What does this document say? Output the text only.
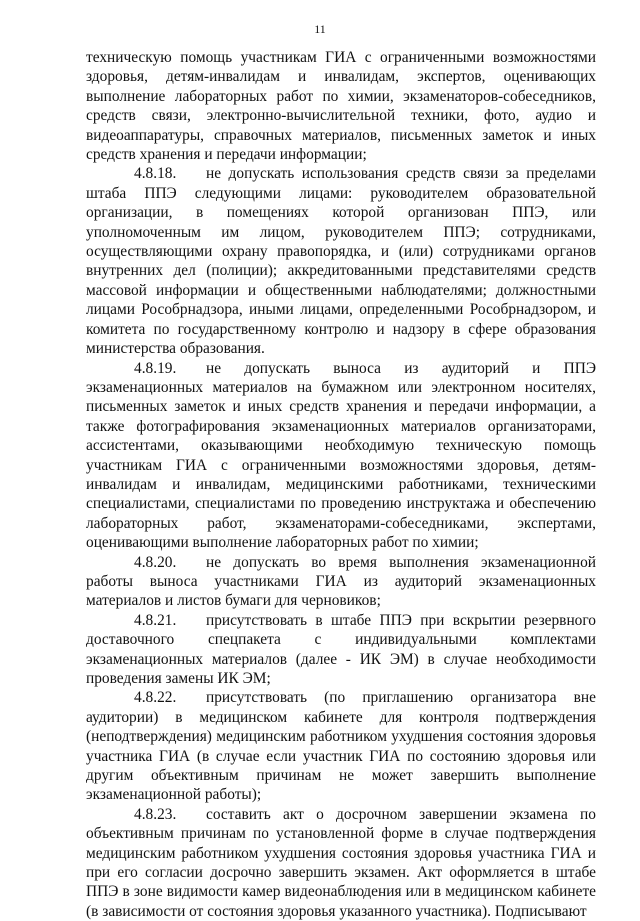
11

техническую помощь участникам ГИА с ограниченными возможностями здоровья, детям-инвалидам и инвалидам, экспертов, оценивающих выполнение лабораторных работ по химии, экзаменаторов-собеседников, средств связи, электронно-вычислительной техники, фото, аудио и видеоаппаратуры, справочных материалов, письменных заметок и иных средств хранения и передачи информации;

4.8.18. не допускать использования средств связи за пределами штаба ППЭ следующими лицами: руководителем образовательной организации, в помещениях которой организован ППЭ, или уполномоченным им лицом, руководителем ППЭ; сотрудниками, осуществляющими охрану правопорядка, и (или) сотрудниками органов внутренних дел (полиции); аккредитованными представителями средств массовой информации и общественными наблюдателями; должностными лицами Рособрнадзора, иными лицами, определенными Рособрнадзором, и комитета по государственному контролю и надзору в сфере образования министерства образования.

4.8.19. не допускать выноса из аудиторий и ППЭ экзаменационных материалов на бумажном или электронном носителях, письменных заметок и иных средств хранения и передачи информации, а также фотографирования экзаменационных материалов организаторами, ассистентами, оказывающими необходимую техническую помощь участникам ГИА с ограниченными возможностями здоровья, детям-инвалидам и инвалидам, медицинскими работниками, техническими специалистами, специалистами по проведению инструктажа и обеспечению лабораторных работ, экзаменаторами-собеседниками, экспертами, оценивающими выполнение лабораторных работ по химии;

4.8.20. не допускать во время выполнения экзаменационной работы выноса участниками ГИА из аудиторий экзаменационных материалов и листов бумаги для черновиков;

4.8.21. присутствовать в штабе ППЭ при вскрытии резервного доставочного спецпакета с индивидуальными комплектами экзаменационных материалов (далее - ИК ЭМ) в случае необходимости проведения замены ИК ЭМ;

4.8.22. присутствовать (по приглашению организатора вне аудитории) в медицинском кабинете для контроля подтверждения (неподтверждения) медицинским работником ухудшения состояния здоровья участника ГИА (в случае если участник ГИА по состоянию здоровья или другим объективным причинам не может завершить выполнение экзаменационной работы);

4.8.23. составить акт о досрочном завершении экзамена по объективным причинам по установленной форме в случае подтверждения медицинским работником ухудшения состояния здоровья участника ГИА и при его согласии досрочно завершить экзамен. Акт оформляется в штабе ППЭ в зоне видимости камер видеонаблюдения или в медицинском кабинете (в зависимости от состояния здоровья указанного участника). Подписывают
